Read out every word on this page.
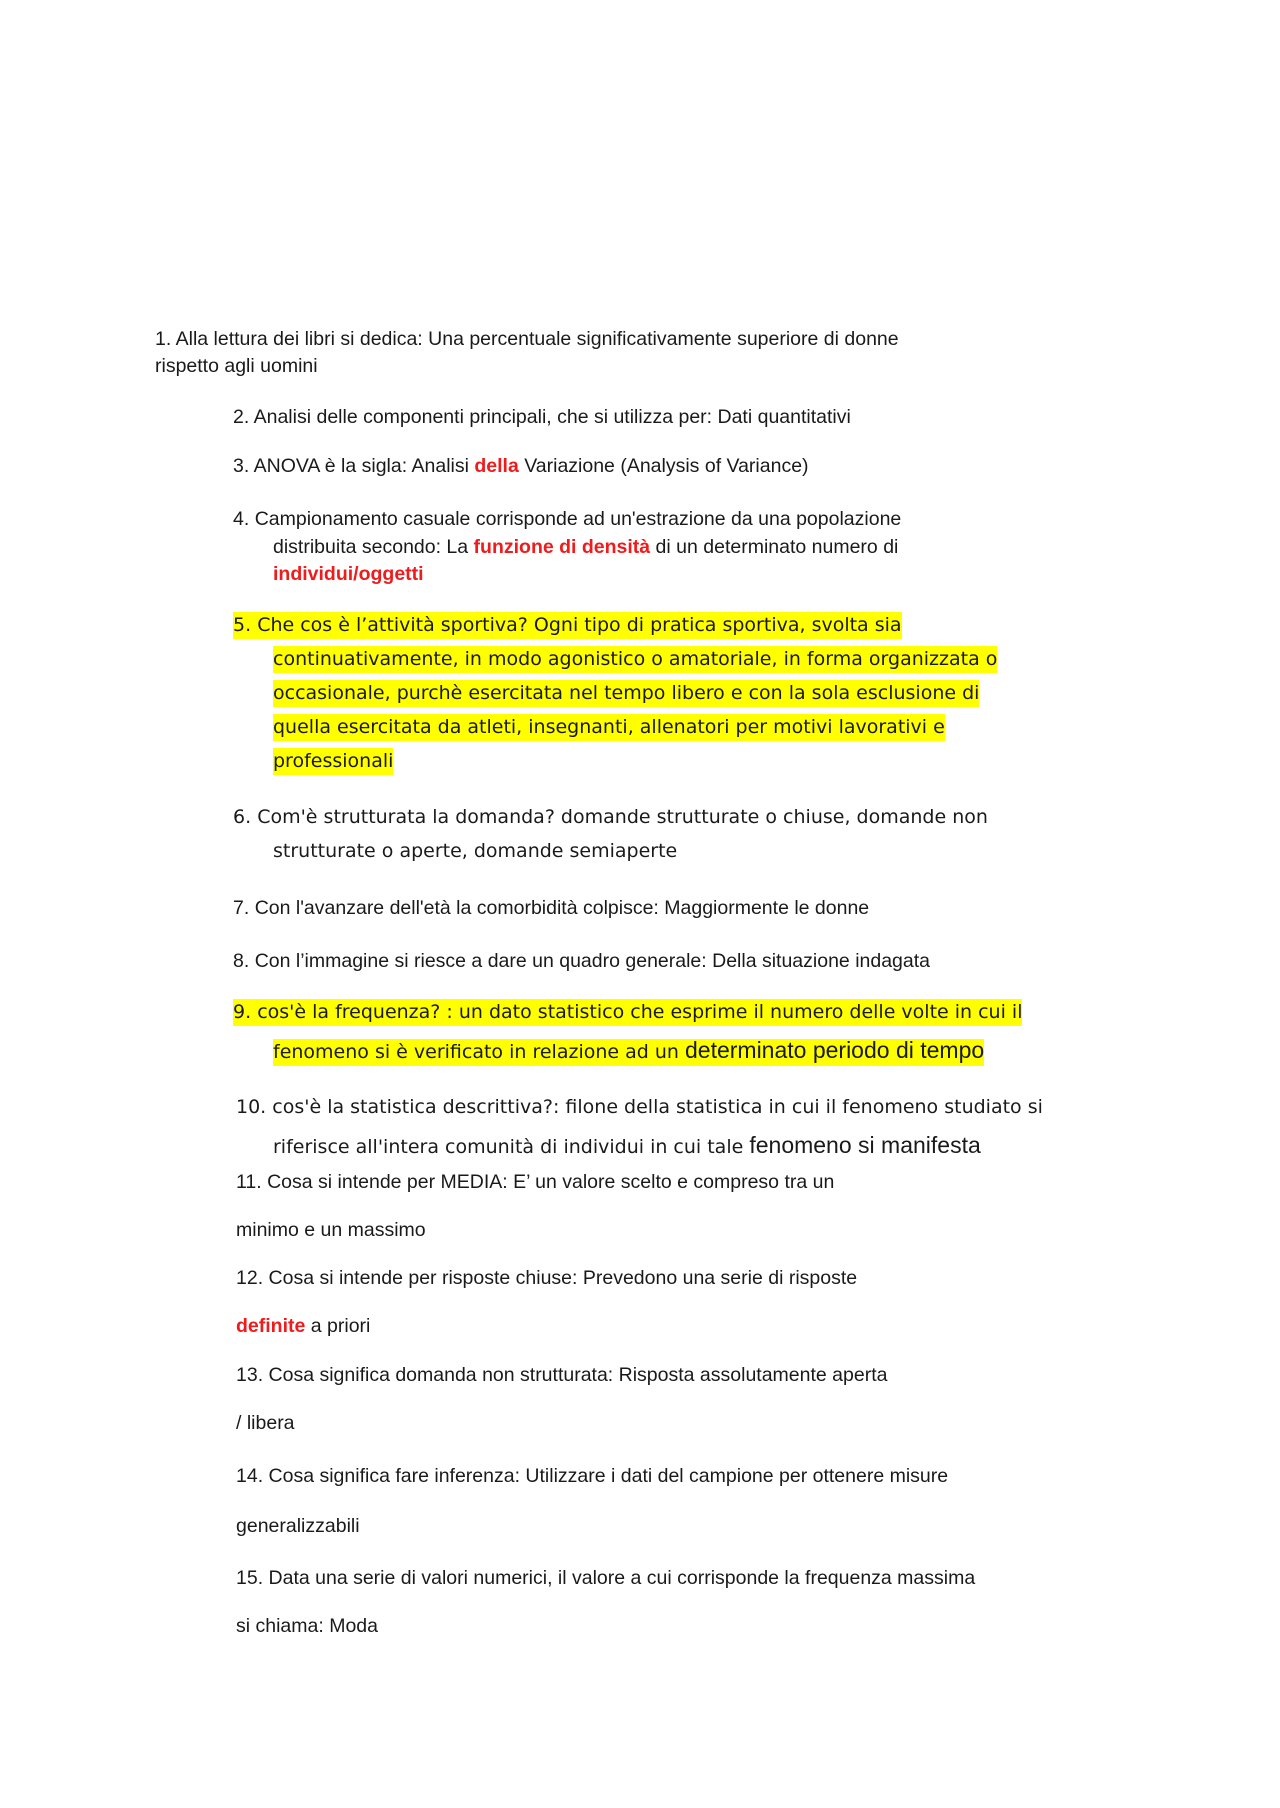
1. Alla lettura dei libri si dedica: Una percentuale significativamente superiore di donne
rispetto agli uomini
2. Analisi delle componenti principali, che si utilizza per: Dati quantitativi
3. ANOVA è la sigla: Analisi della Variazione (Analysis of Variance)
4. Campionamento casuale corrisponde ad un'estrazione da una popolazione
distribuita secondo: La funzione di densità di un determinato numero di
individui/oggetti
5. Che cos è l’attività sportiva? Ogni tipo di pratica sportiva, svolta sia
continuativamente, in modo agonistico o amatoriale, in forma organizzata o
occasionale, purchè esercitata nel tempo libero e con la sola esclusione di
quella esercitata da atleti, insegnanti, allenatori per motivi lavorativi e
professionali
6. Com'è strutturata la domanda? domande strutturate o chiuse, domande non
strutturate o aperte, domande semiaperte
7. Con l'avanzare dell'età la comorbidità colpisce: Maggiormente le donne
8. Con l’immagine si riesce a dare un quadro generale: Della situazione indagata
9. cos'è la frequenza? : un dato statistico che esprime il numero delle volte in cui il
fenomeno si è verificato in relazione ad un determinato periodo di tempo
10. cos'è la statistica descrittiva?: filone della statistica in cui il fenomeno studiato si
riferisce all'intera comunità di individui in cui tale fenomeno si manifesta
11. Cosa si intende per MEDIA: E’ un valore scelto e compreso tra un
minimo e un massimo
12. Cosa si intende per risposte chiuse: Prevedono una serie di risposte
definite a priori
13. Cosa significa domanda non strutturata: Risposta assolutamente aperta
/ libera
14. Cosa significa fare inferenza: Utilizzare i dati del campione per ottenere misure
generalizzabili
15. Data una serie di valori numerici, il valore a cui corrisponde la frequenza massima
si chiama: Moda
